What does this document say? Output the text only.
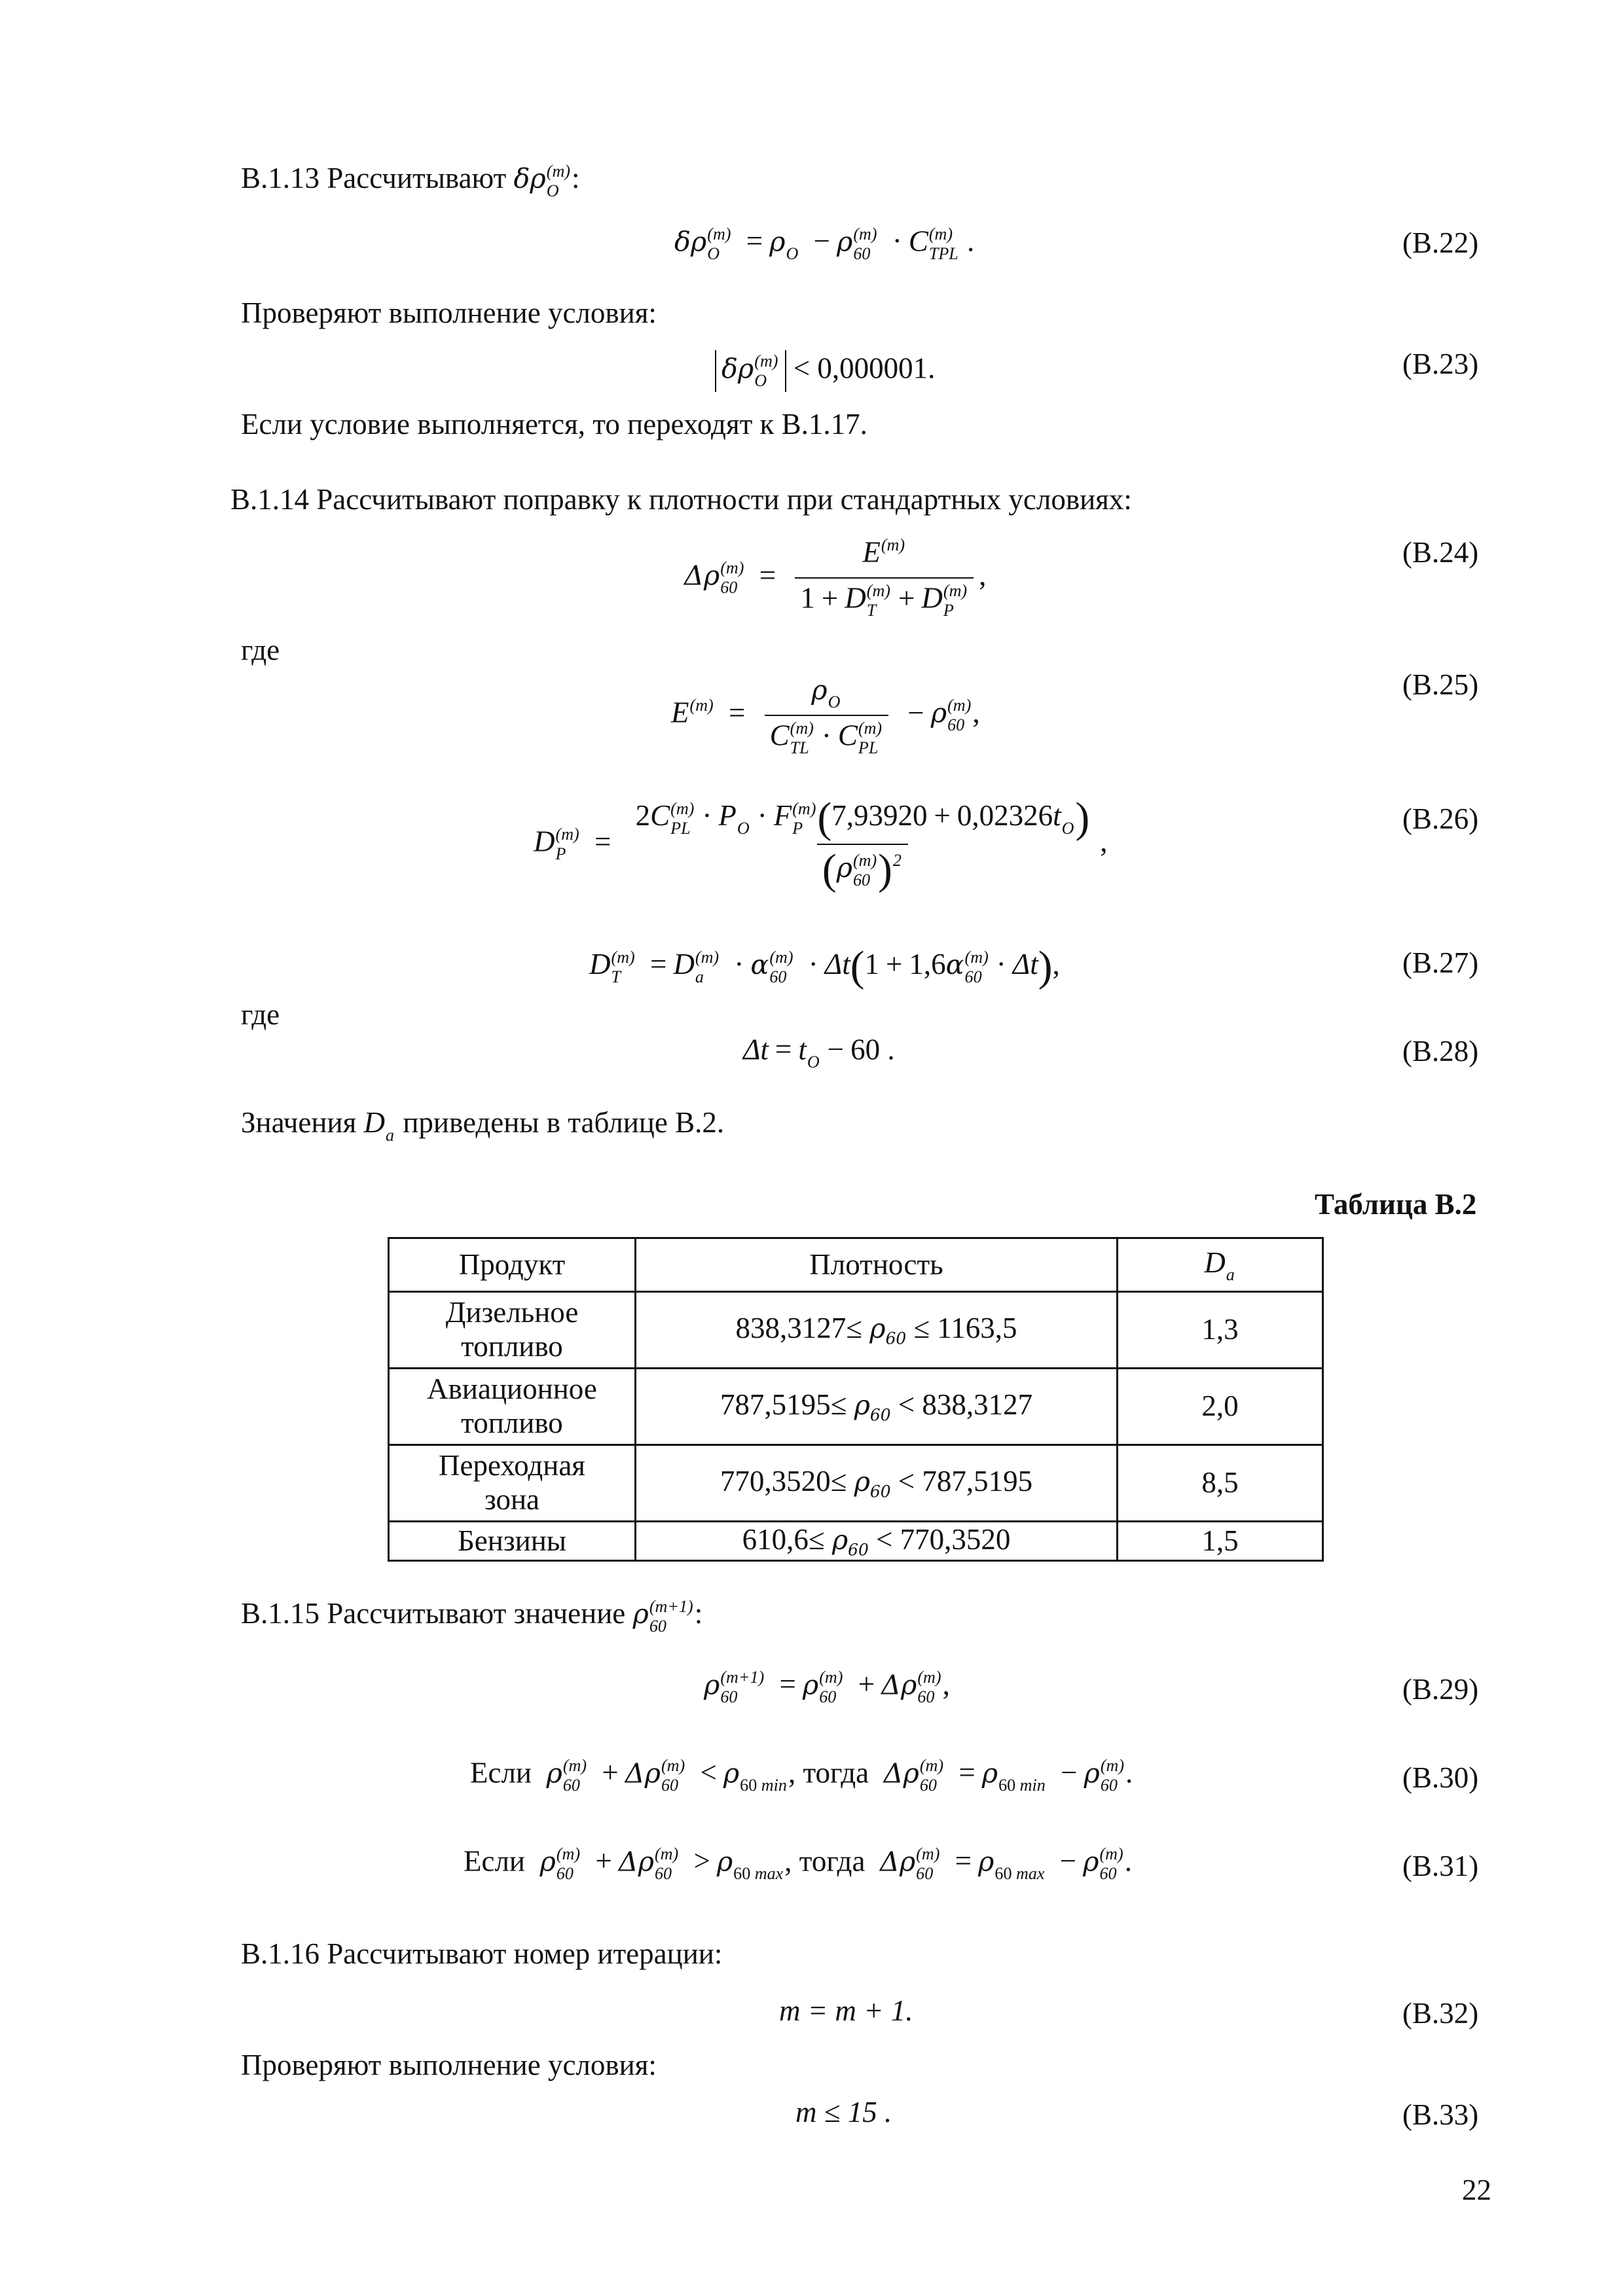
В.1.13 Рассчитывают δρ (m)
O :
δρ (m)
O = ρ
O − ρ (m)
60 · C (m)
TPL .	(В.22)
Проверяют выполнение условия:
δρ (m)
O < 0,000001.	(В.23)
Если условие выполняется, то переходят к В.1.17.
В.1.14 Рассчитывают поправку к плотности при стандартных условиях:
Δρ (m)
60 = E (m)

1 + D (m)
T + D (m)
P ,
(В.24)
где
E (m)
= ρ
O
C (m)
TL · C (m)
PL − ρ (m)
60 ,
(В.25)
D (m)
P = 2C (m)
PL · P
O · F (m)
P (7,93920 + 0,02326t
O )
(ρ (m)
60 ) 2
,
(В.26)
D (m)
T = D (m)
a	· α (m)
60 · Δt(1 + 1,6α (m)
60 · Δt),	(В.27)
где
Δt = t
O − 60 .	(В.28)
Значения D
a приведены в таблице В.2.
Таблица В.2
Продукт	Плотность	D
a

Дизельное
топливо	$838,3127\le \rho_{60} \le 1163,5$	1,3
Авиационное
топливо	$787,5195\le \rho_{60} < 838,3127$	2,0
Переходная
зона	$770,3520\le \rho_{60} < 787,5195$	8,5
Бензины	$610,6\le \rho_{60} < 770,3520$	1,5
В.1.15 Рассчитывают значение ρ (m+1)
60 :
ρ (m+1)
60	= ρ (m)
60 + Δρ (m)
60 ,	(В.29)
Если ρ (m)
60 + Δρ (m)
60 < ρ
60 min , тогда Δρ (m)
60 = ρ
60 min − ρ (m)
60 .	(В.30)
Если ρ (m)
60 + Δρ (m)
60 > ρ
60 max , тогда Δρ (m)
60 = ρ
60 max − ρ (m)
60 .	(В.31)
В.1.16 Рассчитывают номер итерации:
m = m + 1.	(В.32)
Проверяют выполнение условия:
m ≤ 15 .	(В.33)
22
